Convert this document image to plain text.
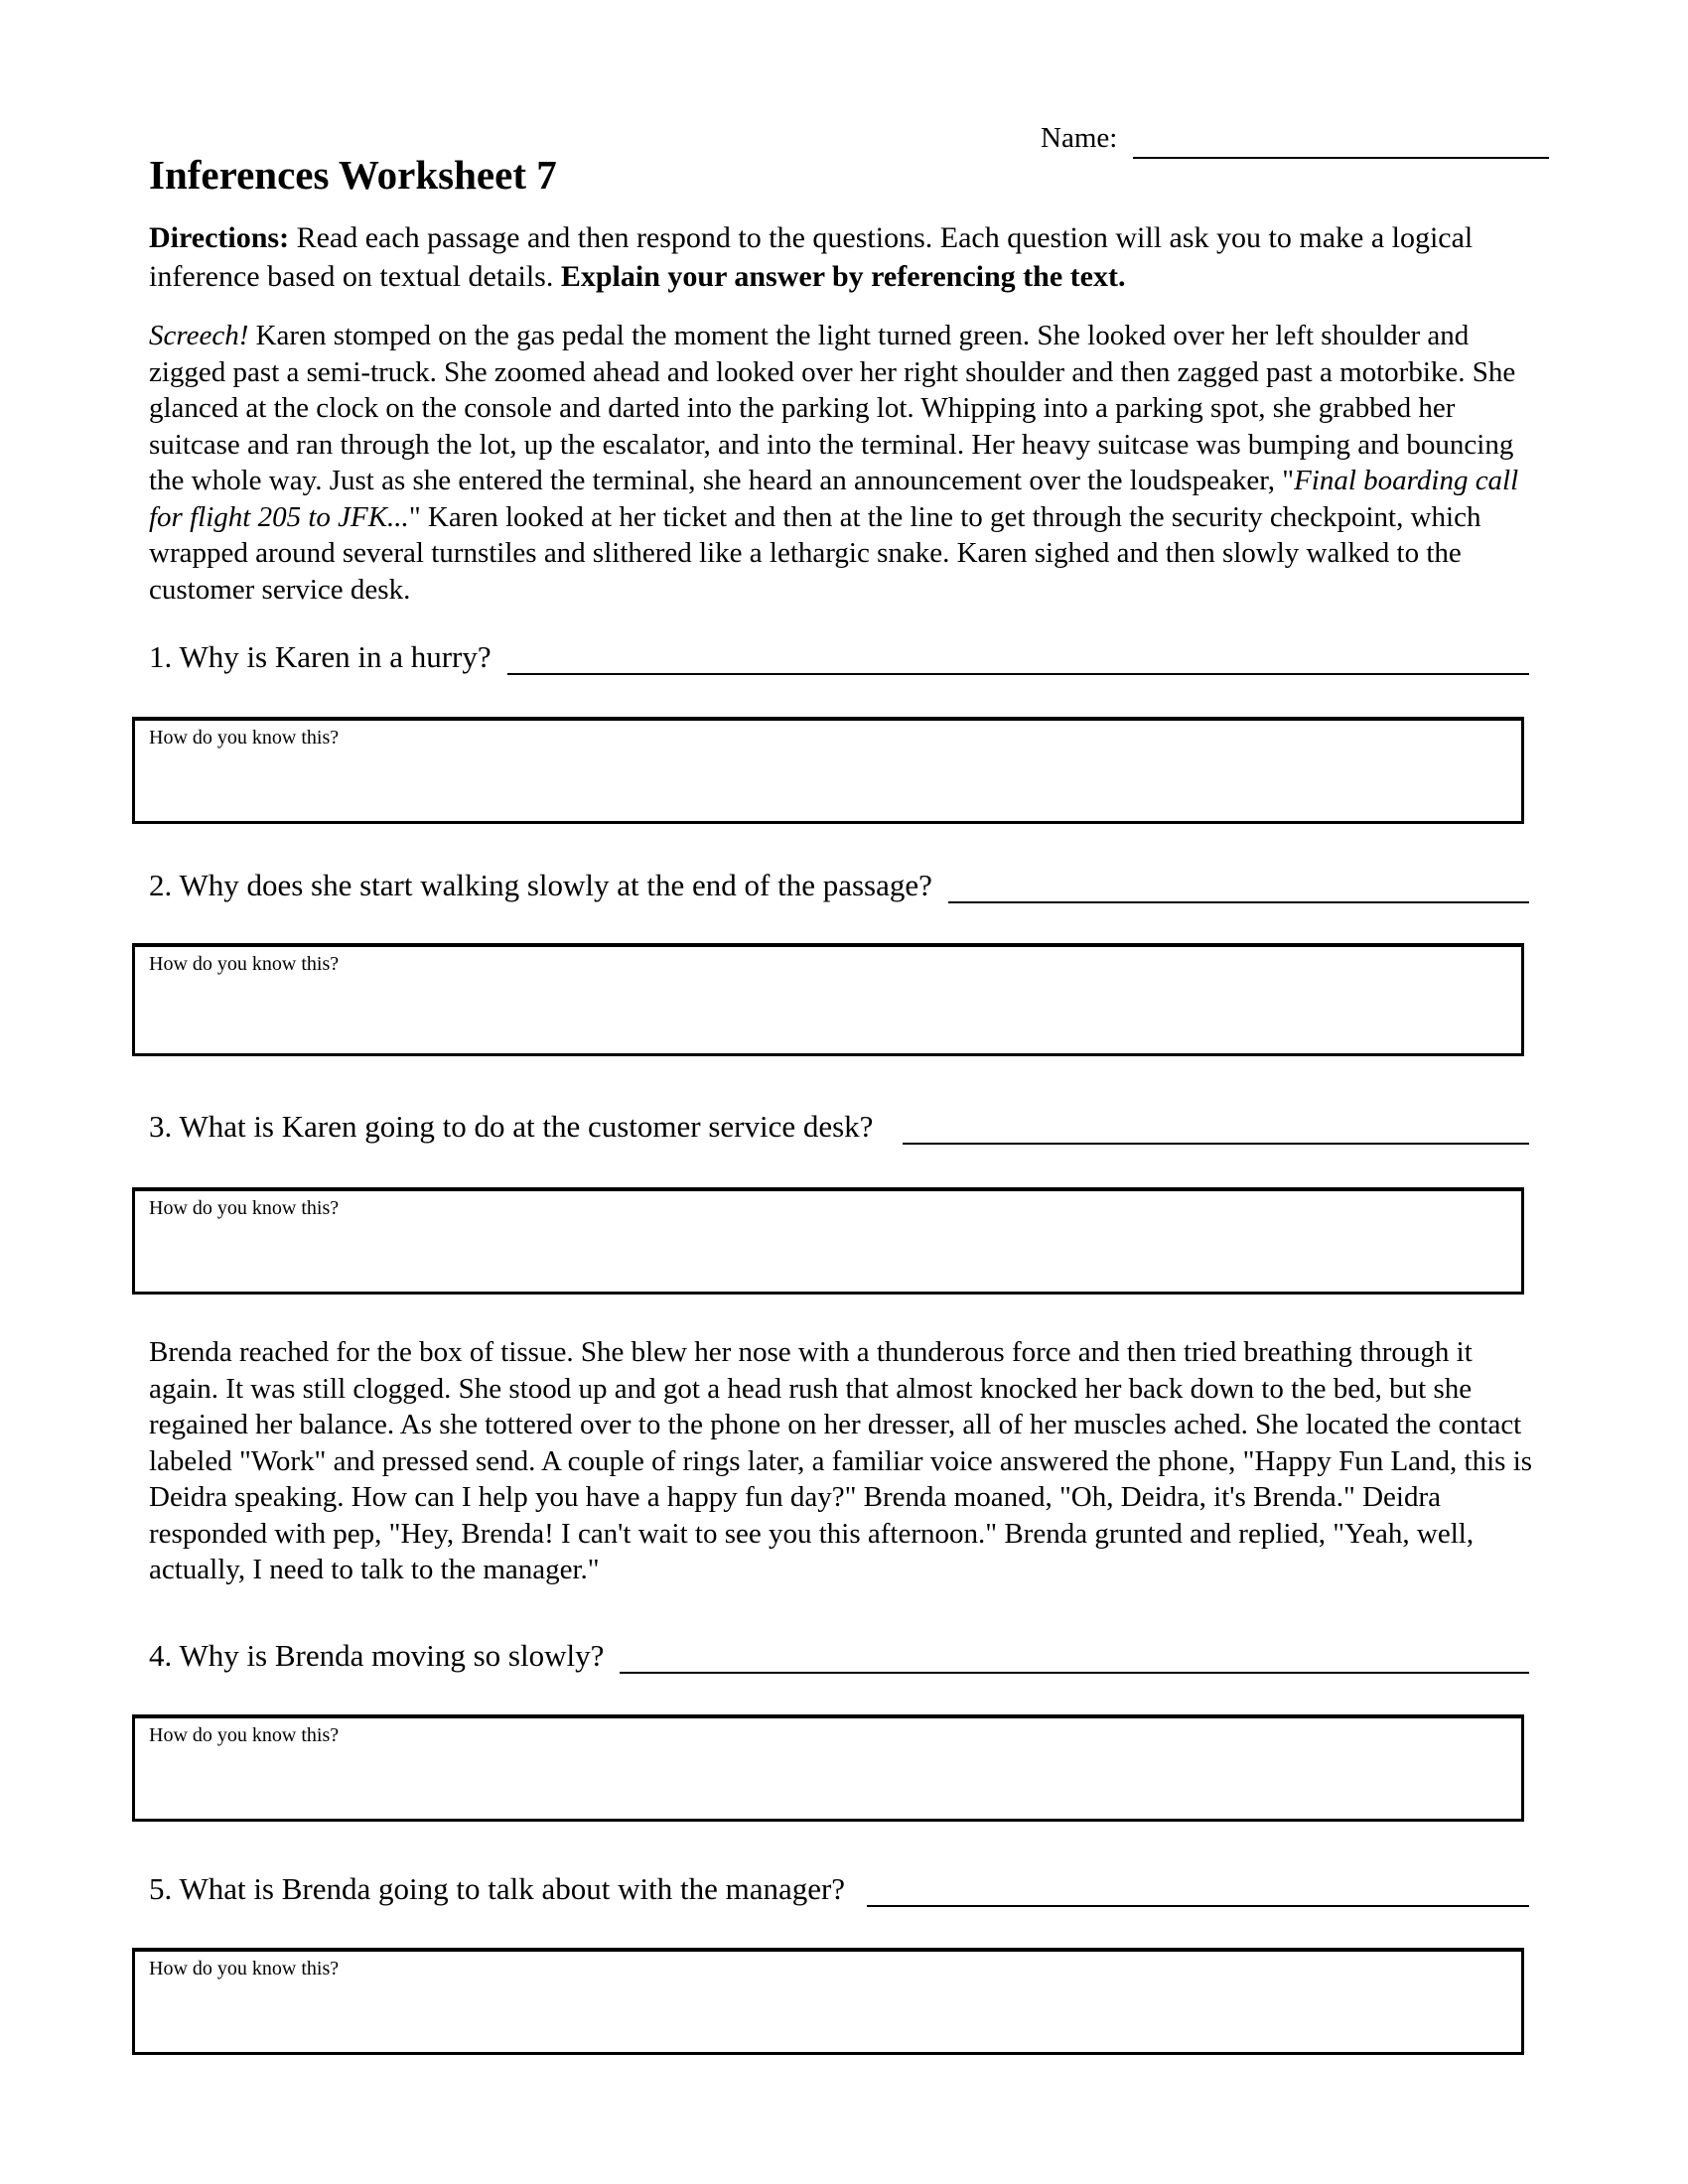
Name:
Inferences Worksheet 7
Directions: Read each passage and then respond to the questions. Each question will ask you to make a logical inference based on textual details. Explain your answer by referencing the text.
Screech! Karen stomped on the gas pedal the moment the light turned green. She looked over her left shoulder and zigged past a semi-truck. She zoomed ahead and looked over her right shoulder and then zagged past a motorbike. She glanced at the clock on the console and darted into the parking lot. Whipping into a parking spot, she grabbed her suitcase and ran through the lot, up the escalator, and into the terminal. Her heavy suitcase was bumping and bouncing the whole way. Just as she entered the terminal, she heard an announcement over the loudspeaker, "Final boarding call for flight 205 to JFK..." Karen looked at her ticket and then at the line to get through the security checkpoint, which wrapped around several turnstiles and slithered like a lethargic snake. Karen sighed and then slowly walked to the customer service desk.
1. Why is Karen in a hurry?
How do you know this?
2. Why does she start walking slowly at the end of the passage?
How do you know this?
3. What is Karen going to do at the customer service desk?
How do you know this?
Brenda reached for the box of tissue. She blew her nose with a thunderous force and then tried breathing through it again. It was still clogged. She stood up and got a head rush that almost knocked her back down to the bed, but she regained her balance. As she tottered over to the phone on her dresser, all of her muscles ached. She located the contact labeled "Work" and pressed send. A couple of rings later, a familiar voice answered the phone, "Happy Fun Land, this is Deidra speaking. How can I help you have a happy fun day?" Brenda moaned, "Oh, Deidra, it's Brenda." Deidra responded with pep, "Hey, Brenda! I can't wait to see you this afternoon." Brenda grunted and replied, "Yeah, well, actually, I need to talk to the manager."
4. Why is Brenda moving so slowly?
How do you know this?
5. What is Brenda going to talk about with the manager?
How do you know this?
